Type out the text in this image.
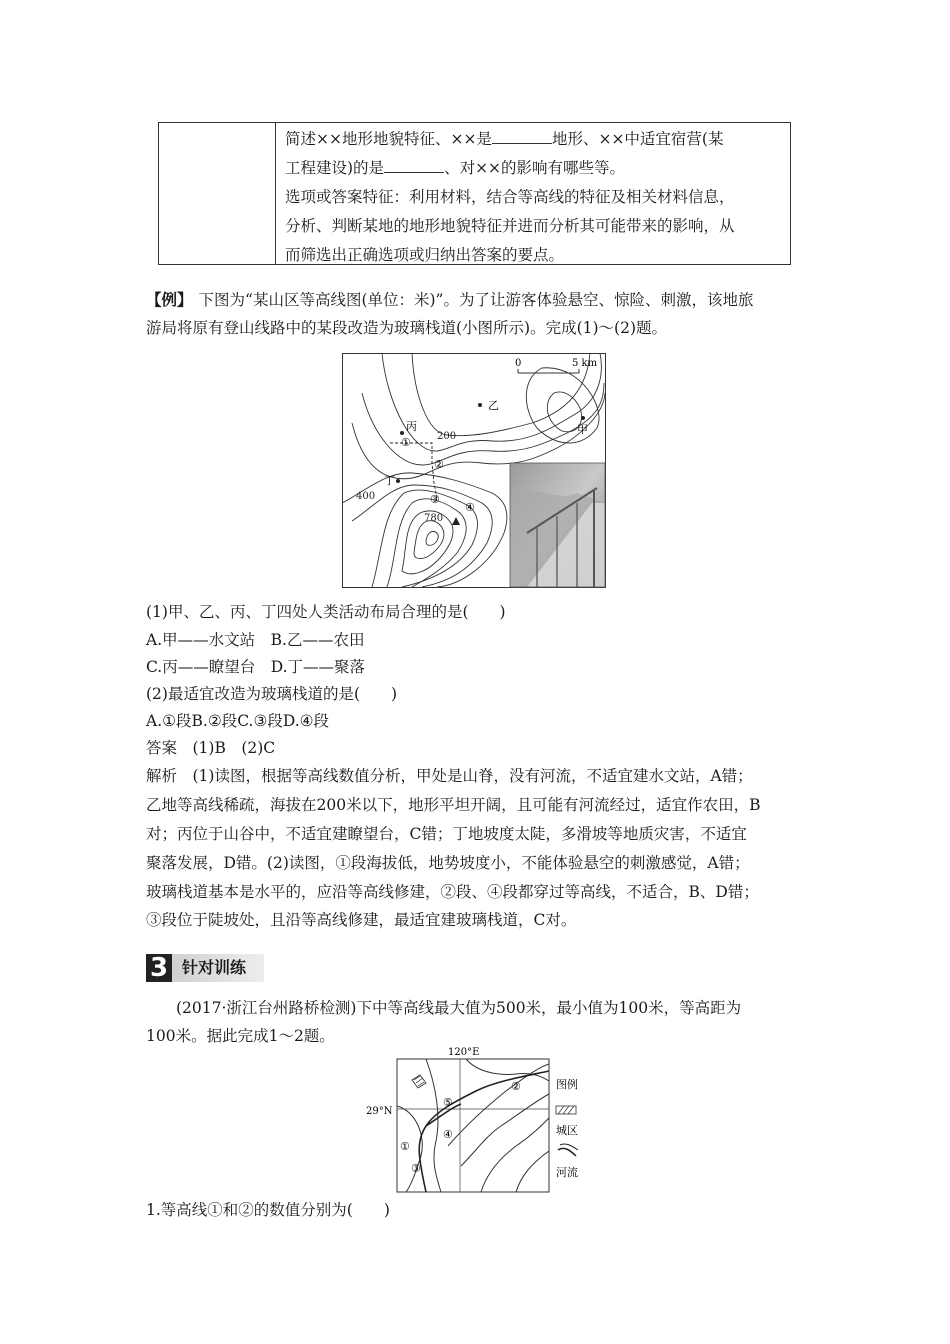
简述××地形地貌特征、××是	地形、××中适宜宿营(某
工程建设)的是	、对××的影响有哪些等。
选项或答案特征：利用材料，结合等高线的特征及相关材料信息，
分析、判断某地的地形地貌特征并进而分析其可能带来的影响，从
而筛选出正确选项或归纳出答案的要点。
【例】 下图为“某山区等高线图(单位：米)”。为了让游客体验悬空、惊险、刺激，该地旅
游局将原有登山线路中的某段改造为玻璃栈道(小图所示)。完成(1)～(2)题。
0	5 km
甲
乙
丙
丁
200
400
780
①
②
③
④
(1)甲、乙、丙、丁四处人类活动布局合理的是(　　)
A.甲——水文站　B.乙——农田
C.丙——瞭望台　D.丁——聚落
(2)最适宜改造为玻璃栈道的是(　　)
A.①段B.②段C.③段D.④段
答案　(1)B　(2)C
解析　(1)读图，根据等高线数值分析，甲处是山脊，没有河流，不适宜建水文站，A错；
乙地等高线稀疏，海拔在200米以下，地形平坦开阔，且可能有河流经过，适宜作农田，B
对；丙位于山谷中，不适宜建瞭望台，C错；丁地坡度太陡，多滑坡等地质灾害，不适宜
聚落发展，D错。(2)读图，①段海拔低，地势坡度小，不能体验悬空的刺激感觉，A错；
玻璃栈道基本是水平的，应沿等高线修建，②段、④段都穿过等高线，不适合，B、D错；
③段位于陡坡处，且沿等高线修建，最适宜建玻璃栈道，C对。
3 针对训练
(2017·浙江台州路桥检测)下中等高线最大值为500米，最小值为100米，等高距为
100米。据此完成1～2题。
120°E
29°N
①
②
③
④
⑤
图例
城区
河流
1.等高线①和②的数值分别为(　　)
